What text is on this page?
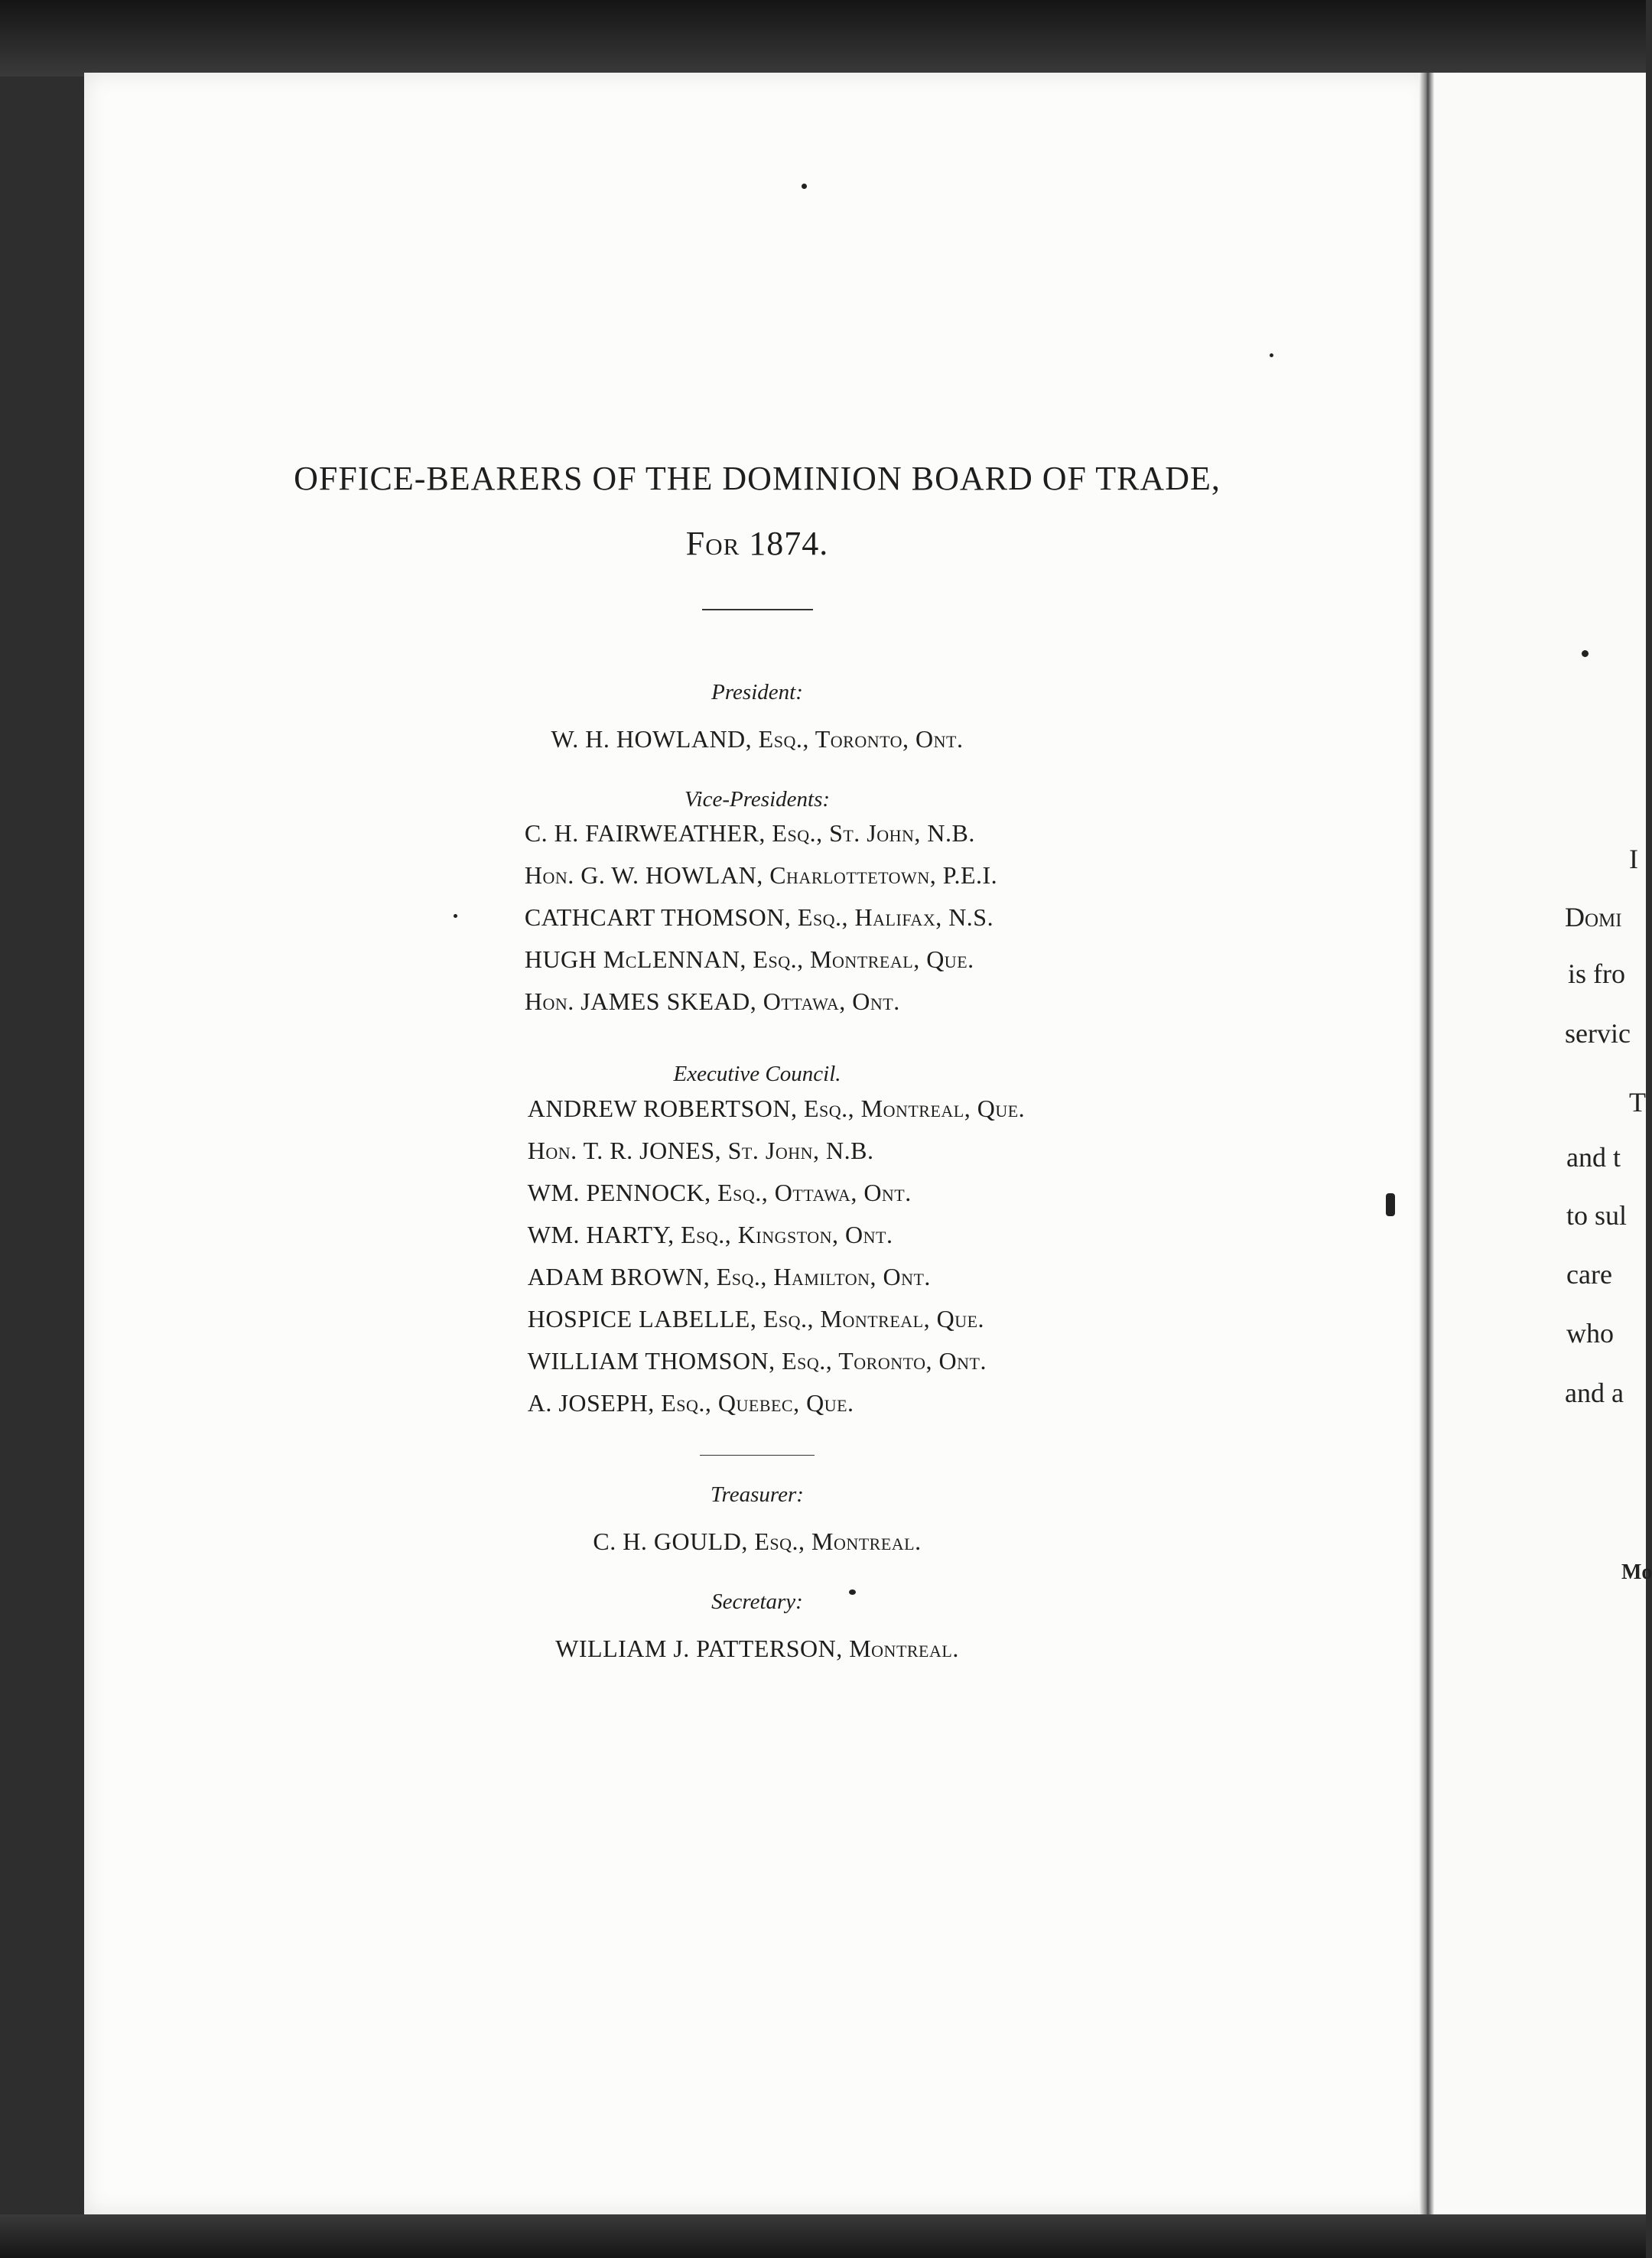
OFFICE-BEARERS OF THE DOMINION BOARD OF TRADE,
For 1874.
President:
W. H. HOWLAND, Esq., Toronto, Ont.
Vice-Presidents:
C. H. FAIRWEATHER, Esq., St. John, N.B.
Hon. G. W. HOWLAN, Charlottetown, P.E.I.
CATHCART THOMSON, Esq., Halifax, N.S.
HUGH McLENNAN, Esq., Montreal, Que.
Hon. JAMES SKEAD, Ottawa, Ont.
Executive Council.
ANDREW ROBERTSON, Esq., Montreal, Que.
Hon. T. R. JONES, St. John, N.B.
WM. PENNOCK, Esq., Ottawa, Ont.
WM. HARTY, Esq., Kingston, Ont.
ADAM BROWN, Esq., Hamilton, Ont.
HOSPICE LABELLE, Esq., Montreal, Que.
WILLIAM THOMSON, Esq., Toronto, Ont.
A. JOSEPH, Esq., Quebec, Que.
Treasurer:
C. H. GOULD, Esq., Montreal.
Secretary:
WILLIAM J. PATTERSON, Montreal.
I
Domi
is fro
servic
T
and t
to sul
care
who
and a
Mo
